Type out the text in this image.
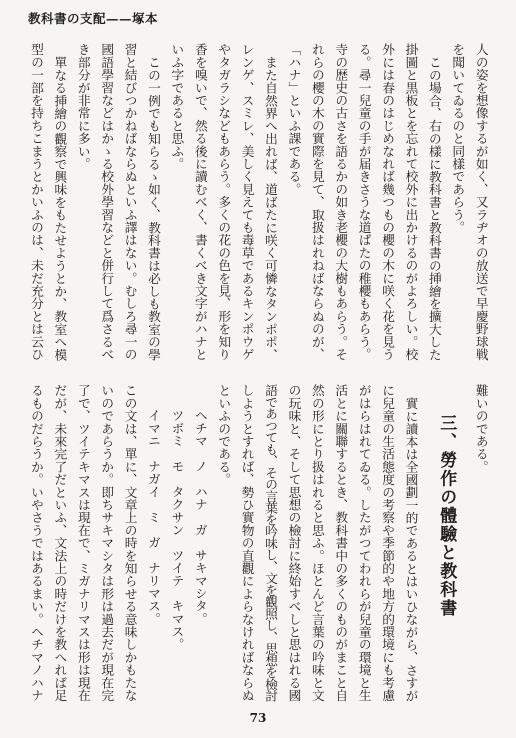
教科書の支配——塚本
人の姿を想像するが如く、又ラヂオの放送で早慶野球戦
を聞いてゐるのと同樣であらう。
この場合、右の樣に教科書と教科書の挿繪を擴大した
掛圖と黒板とを忘れて校外に出かけるのがよろしい。校
外には春のはじめなれば幾つもの櫻の木に咲く花を見う
る。尋一兒童の手が届きさうな道ばたの稚櫻もあらう。
寺の歴史の古さを語るかの如き老櫻の大樹もあらう。そ
れらの櫻の木の實際を見て、取扱はれねばならぬのが、
「ハナ」といふ課である。
また自然界へ出れば、道ばたに咲く可憐なタンポポ、
レンゲ、スミレ、美しく見えても毒草であるキンポウゲ
やタガラシなどもあらう。多くの花の色を見、形を知り
香を嗅いで、然る後に讀むべく、書くべき文字がハナと
いふ字であると思ふ。
この一例でも知らるゝ如く、教科書は必しも教室の學
習と結びつかねばならぬといふ譯はない。むしろ尋一の
國語學習などはかゝる校外學習などと併行して爲さるべ
き部分が非常に多い。
單なる挿繪の觀察で興味をもたせようとか、教室へ模
型の一部を持ちこまうとかいふのは、未だ充分とは云ひ
難いのである。
三、勞作の體驗と教科書
實に讀本は全國劃一的であるとはいひながら、さすが
に兒童の生活態度の考察や季節的や地方的環境にも考慮
がはらはれてゐる。したがつてわれらが兒童の環境と生
活とに關聯するとき、教科書中の多くのものがまこと自
然の形にとり扱はれると思ふ。ほとんど言葉の吟味と文
の玩味と、そして思想の檢討に終始すべしと思はれる國
語であつても、その言葉を吟味し、文を觀照し、思想を檢討
しようとすれば、勢ひ實物の直觀によらなければならぬ
といふのである。
ヘチマ　ノ　ハナ　ガ　サキマシタ。
ツボミ　モ　タクサン　ツイテ　キマス。
イマニ　ナガイ　ミ　ガ　ナリマス。
この文は、單に、文章上の時を知らせる意味しかもたな
いのであらうか。即ちサキマシタは形は過去だが現在完
了で、ツイテキマスは現在で、ミガナリマスは形は現在
だが、未來完了だといふ、文法上の時だけを教へれば足
るものだらうか。いやさうではあるまい。ヘチマノハナ
73
